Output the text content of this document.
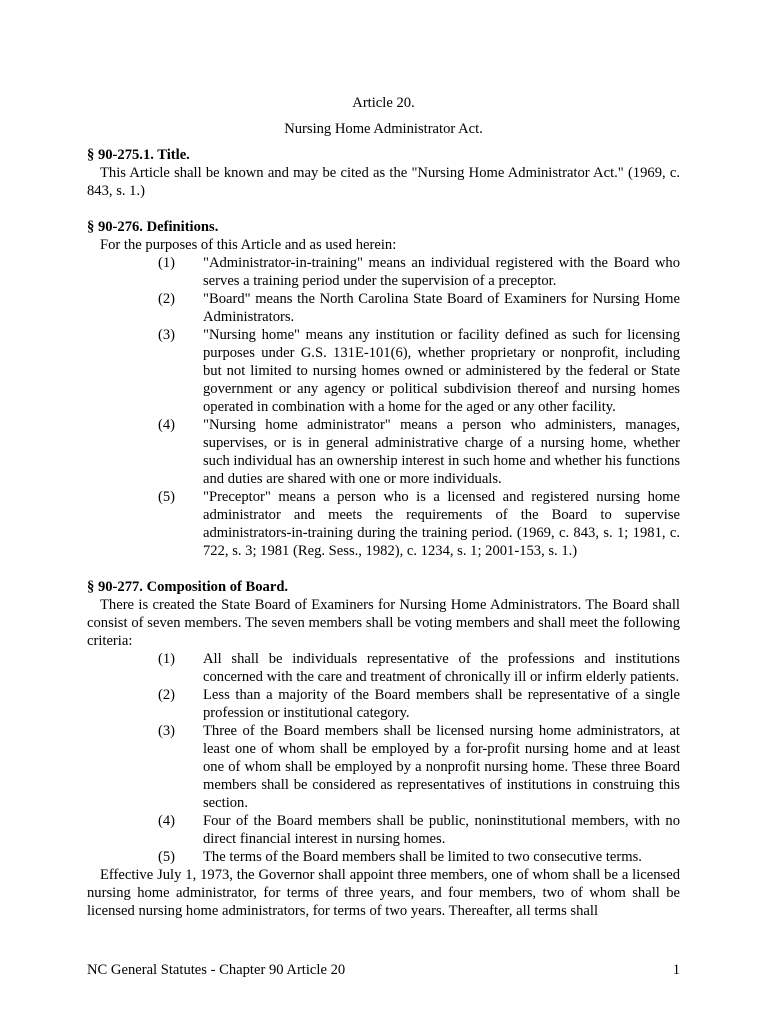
Article 20.
Nursing Home Administrator Act.
§ 90-275.1. Title.

This Article shall be known and may be cited as the "Nursing Home Administrator Act." (1969, c. 843, s. 1.)

§ 90-276. Definitions.

For the purposes of this Article and as used herein:

(1) "Administrator-in-training" means an individual registered with the Board who serves a training period under the supervision of a preceptor.
(2) "Board" means the North Carolina State Board of Examiners for Nursing Home Administrators.
(3) "Nursing home" means any institution or facility defined as such for licensing purposes under G.S. 131E-101(6), whether proprietary or nonprofit, including but not limited to nursing homes owned or administered by the federal or State government or any agency or political subdivision thereof and nursing homes operated in combination with a home for the aged or any other facility.
(4) "Nursing home administrator" means a person who administers, manages, supervises, or is in general administrative charge of a nursing home, whether such individual has an ownership interest in such home and whether his functions and duties are shared with one or more individuals.
(5) "Preceptor" means a person who is a licensed and registered nursing home administrator and meets the requirements of the Board to supervise administrators-in-training during the training period. (1969, c. 843, s. 1; 1981, c. 722, s. 3; 1981 (Reg. Sess., 1982), c. 1234, s. 1; 2001-153, s. 1.)
§ 90-277. Composition of Board.

There is created the State Board of Examiners for Nursing Home Administrators. The Board shall consist of seven members. The seven members shall be voting members and shall meet the following criteria:

(1) All shall be individuals representative of the professions and institutions concerned with the care and treatment of chronically ill or infirm elderly patients.
(2) Less than a majority of the Board members shall be representative of a single profession or institutional category.
(3) Three of the Board members shall be licensed nursing home administrators, at least one of whom shall be employed by a for-profit nursing home and at least one of whom shall be employed by a nonprofit nursing home. These three Board members shall be considered as representatives of institutions in construing this section.
(4) Four of the Board members shall be public, noninstitutional members, with no direct financial interest in nursing homes.
(5) The terms of the Board members shall be limited to two consecutive terms.

Effective July 1, 1973, the Governor shall appoint three members, one of whom shall be a licensed nursing home administrator, for terms of three years, and four members, two of whom shall be licensed nursing home administrators, for terms of two years. Thereafter, all terms shall

NC General Statutes - Chapter 90 Article 20	1
